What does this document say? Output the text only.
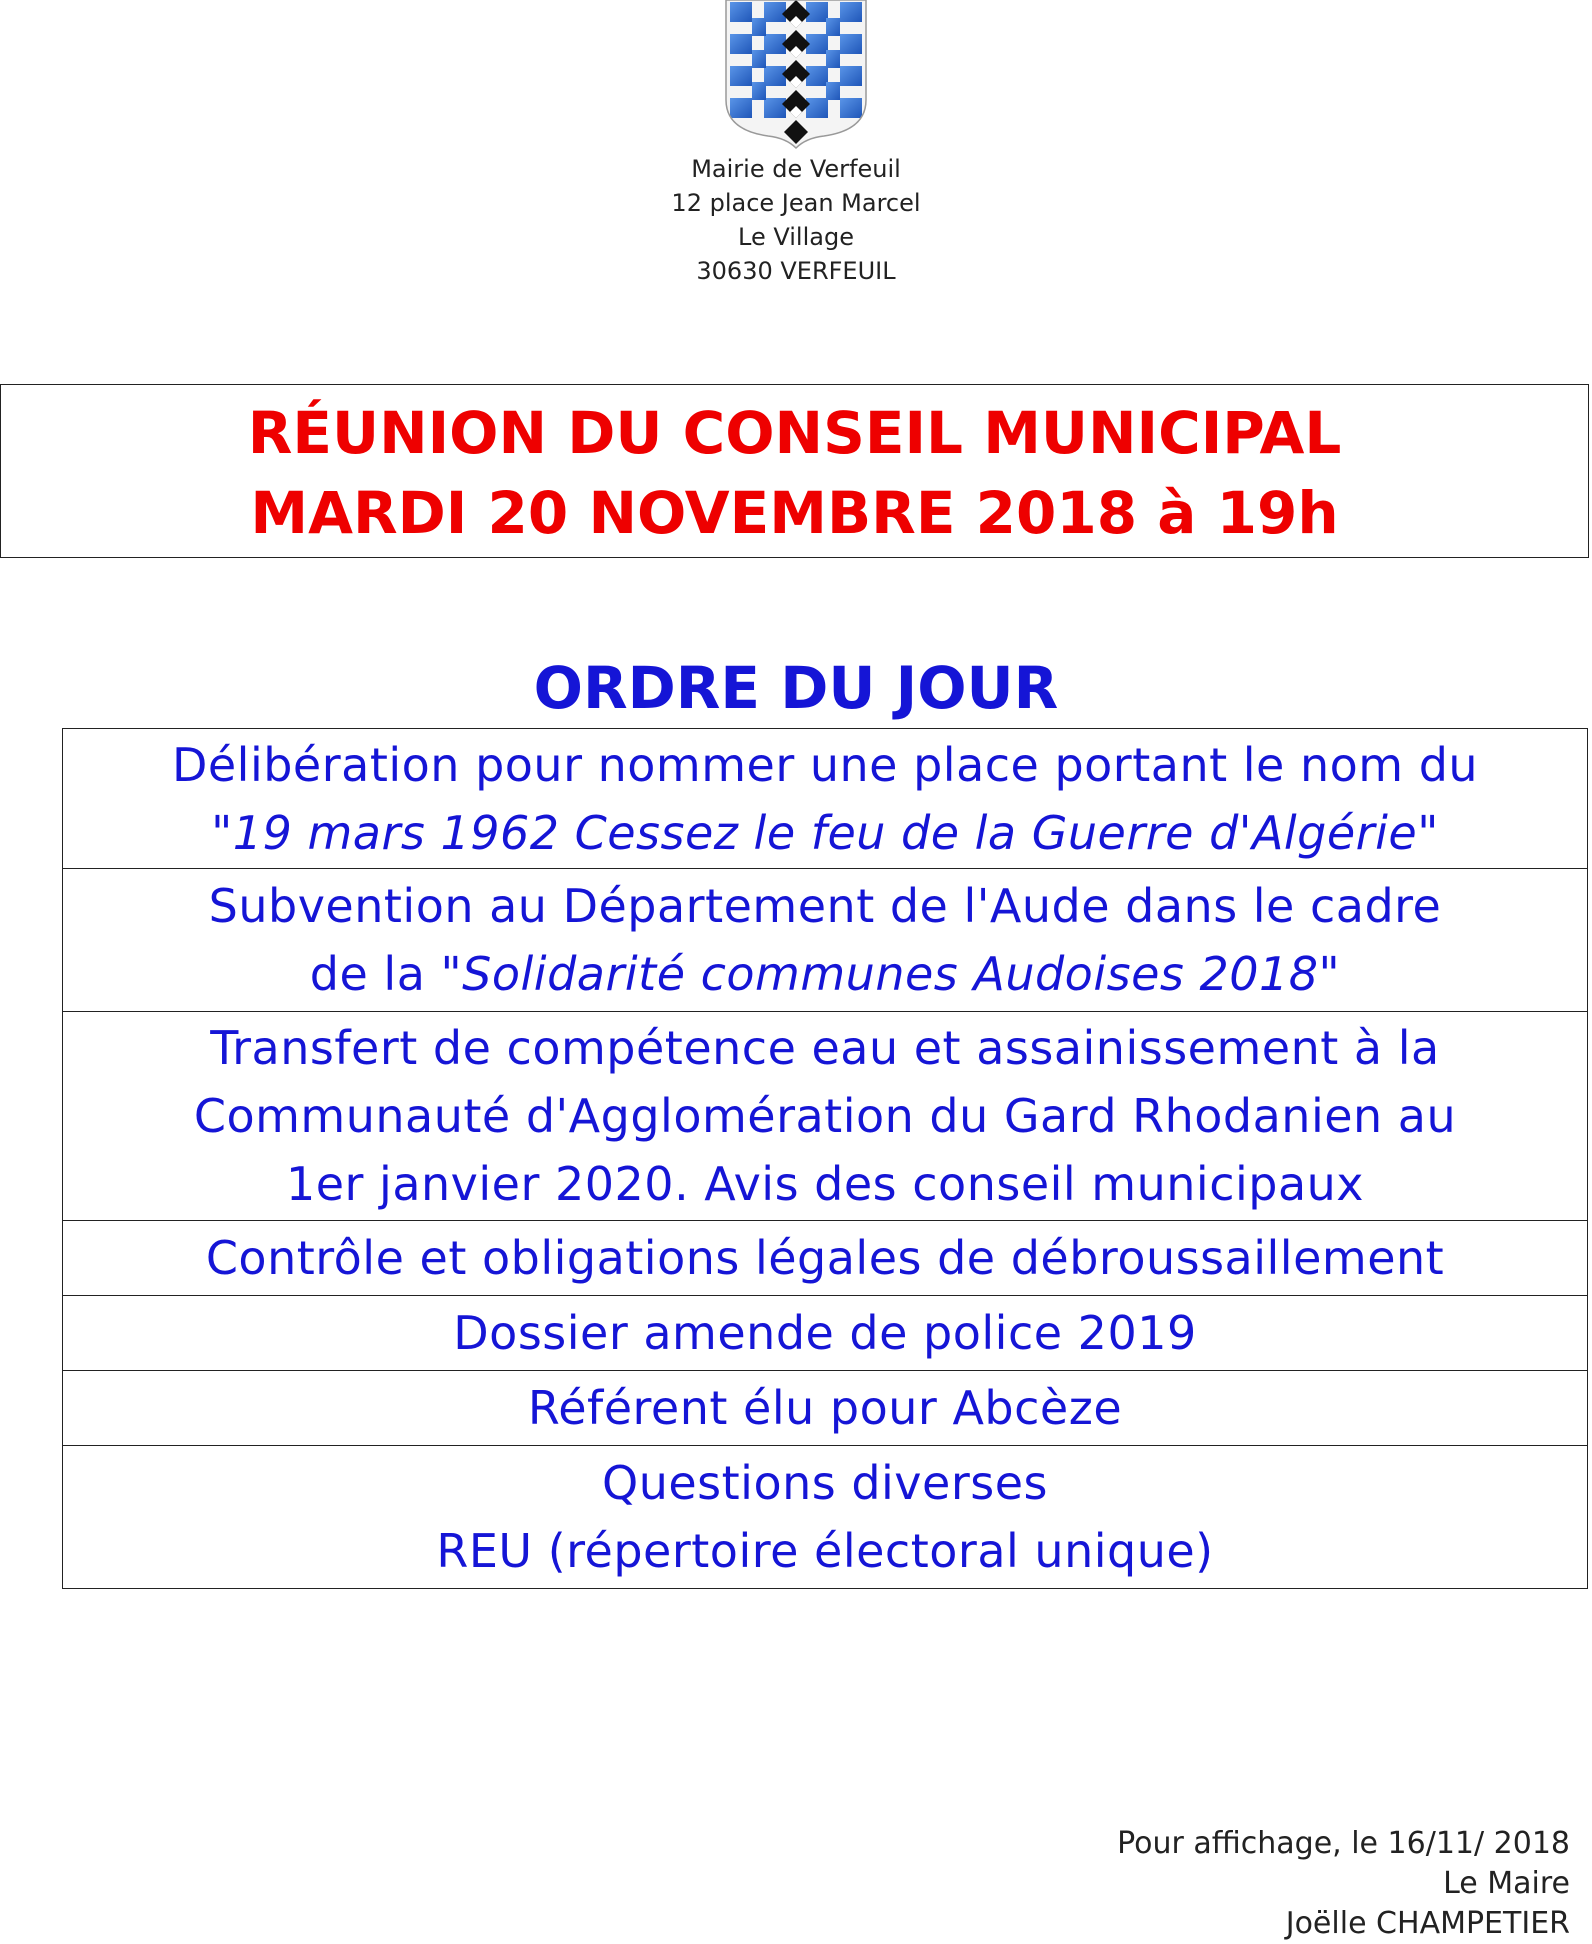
Mairie de Verfeuil
12 place Jean Marcel
Le Village
30630 VERFEUIL
RÉUNION DU CONSEIL MUNICIPAL
MARDI 20 NOVEMBRE 2018 à 19h
ORDRE DU JOUR
Délibération pour nommer une place portant le nom du
"19 mars 1962 Cessez le feu de la Guerre d'Algérie"

Subvention au Département de l'Aude dans le cadre
de la "Solidarité communes Audoises 2018"

Transfert de compétence eau et assainissement à la
Communauté d'Agglomération du Gard Rhodanien au
1er janvier 2020. Avis des conseil municipaux

Contrôle et obligations légales de débroussaillement

Dossier amende de police 2019

Référent élu pour Abcèze

Questions diverses
REU (répertoire électoral unique)
Pour affichage, le 16/11/ 2018
Le Maire
Joëlle CHAMPETIER
